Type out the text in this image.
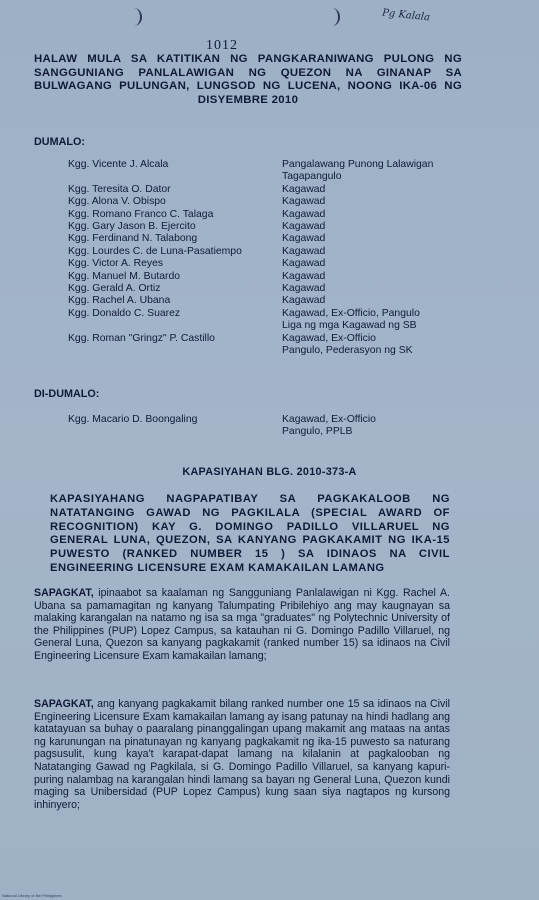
Pg Kalala
1012
HALAW MULA SA KATITIKAN NG PANGKARANIWANG PULONG NG SANGGUNIANG PANLALAWIGAN NG QUEZON NA GINANAP SA BULWAGANG PULUNGAN, LUNGSOD NG LUCENA, NOONG IKA-06 NG DISYEMBRE 2010
DUMALO:
Kgg. Vicente J. Alcala	Pangalawang Punong Lalawigan
Tagapangulo
Kgg. Teresita O. Dator	Kagawad
Kgg. Alona V. Obispo	Kagawad
Kgg. Romano Franco C. Talaga	Kagawad
Kgg. Gary Jason B. Ejercito	Kagawad
Kgg. Ferdinand N. Talabong	Kagawad
Kgg. Lourdes C. de Luna-Pasatiempo	Kagawad
Kgg. Victor A. Reyes	Kagawad
Kgg. Manuel M. Butardo	Kagawad
Kgg. Gerald A. Ortiz	Kagawad
Kgg. Rachel A. Ubana	Kagawad
Kgg. Donaldo C. Suarez	Kagawad, Ex-Officio, Pangulo
Liga ng mga Kagawad ng SB
Kgg. Roman "Gringz" P. Castillo	Kagawad, Ex-Officio
Pangulo, Pederasyon ng SK
DI-DUMALO:
Kgg. Macario D. Boongaling	Kagawad, Ex-Officio
Pangulo, PPLB
KAPASIYAHAN BLG. 2010-373-A
KAPASIYAHANG NAGPAPATIBAY SA PAGKAKALOOB NG NATATANGING GAWAD NG PAGKILALA (SPECIAL AWARD OF RECOGNITION) KAY G. DOMINGO PADILLO VILLARUEL NG GENERAL LUNA, QUEZON, SA KANYANG PAGKAKAMIT NG IKA-15 PUWESTO (RANKED NUMBER 15 ) SA IDINAOS NA CIVIL ENGINEERING LICENSURE EXAM KAMAKAILAN LAMANG
SAPAGKAT, ipinaabot sa kaalaman ng Sangguniang Panlalawigan ni Kgg. Rachel A. Ubana sa pamamagitan ng kanyang Talumpating Pribilehiyo ang may kaugnayan sa malaking karangalan na natamo ng isa sa mga "graduates" ng Polytechnic University of the Philippines (PUP) Lopez Campus, sa katauhan ni G. Domingo Padillo Villaruel, ng General Luna, Quezon sa kanyang pagkakamit (ranked number 15) sa idinaos na Civil Engineering Licensure Exam kamakailan lamang;
SAPAGKAT, ang kanyang pagkakamit bilang ranked number one 15 sa idinaos na Civil Engineering Licensure Exam kamakailan lamang ay isang patunay na hindi hadlang ang katatayuan sa buhay o paaralang pinanggalingan upang makamit ang mataas na antas ng karunungan na pinatunayan ng kanyang pagkakamit ng ika-15 puwesto sa naturang pagsusulit, kung kaya't karapat-dapat lamang na kilalanin at pagkalooban ng Natatanging Gawad ng Pagkilala, si G. Domingo Padillo Villaruel, sa kanyang kapuri-puring nalambag na karangalan hindi lamang sa bayan ng General Luna, Quezon kundi maging sa Unibersidad (PUP Lopez Campus) kung saan siya nagtapos ng kursong inhinyero;
National Library of the Philippines
